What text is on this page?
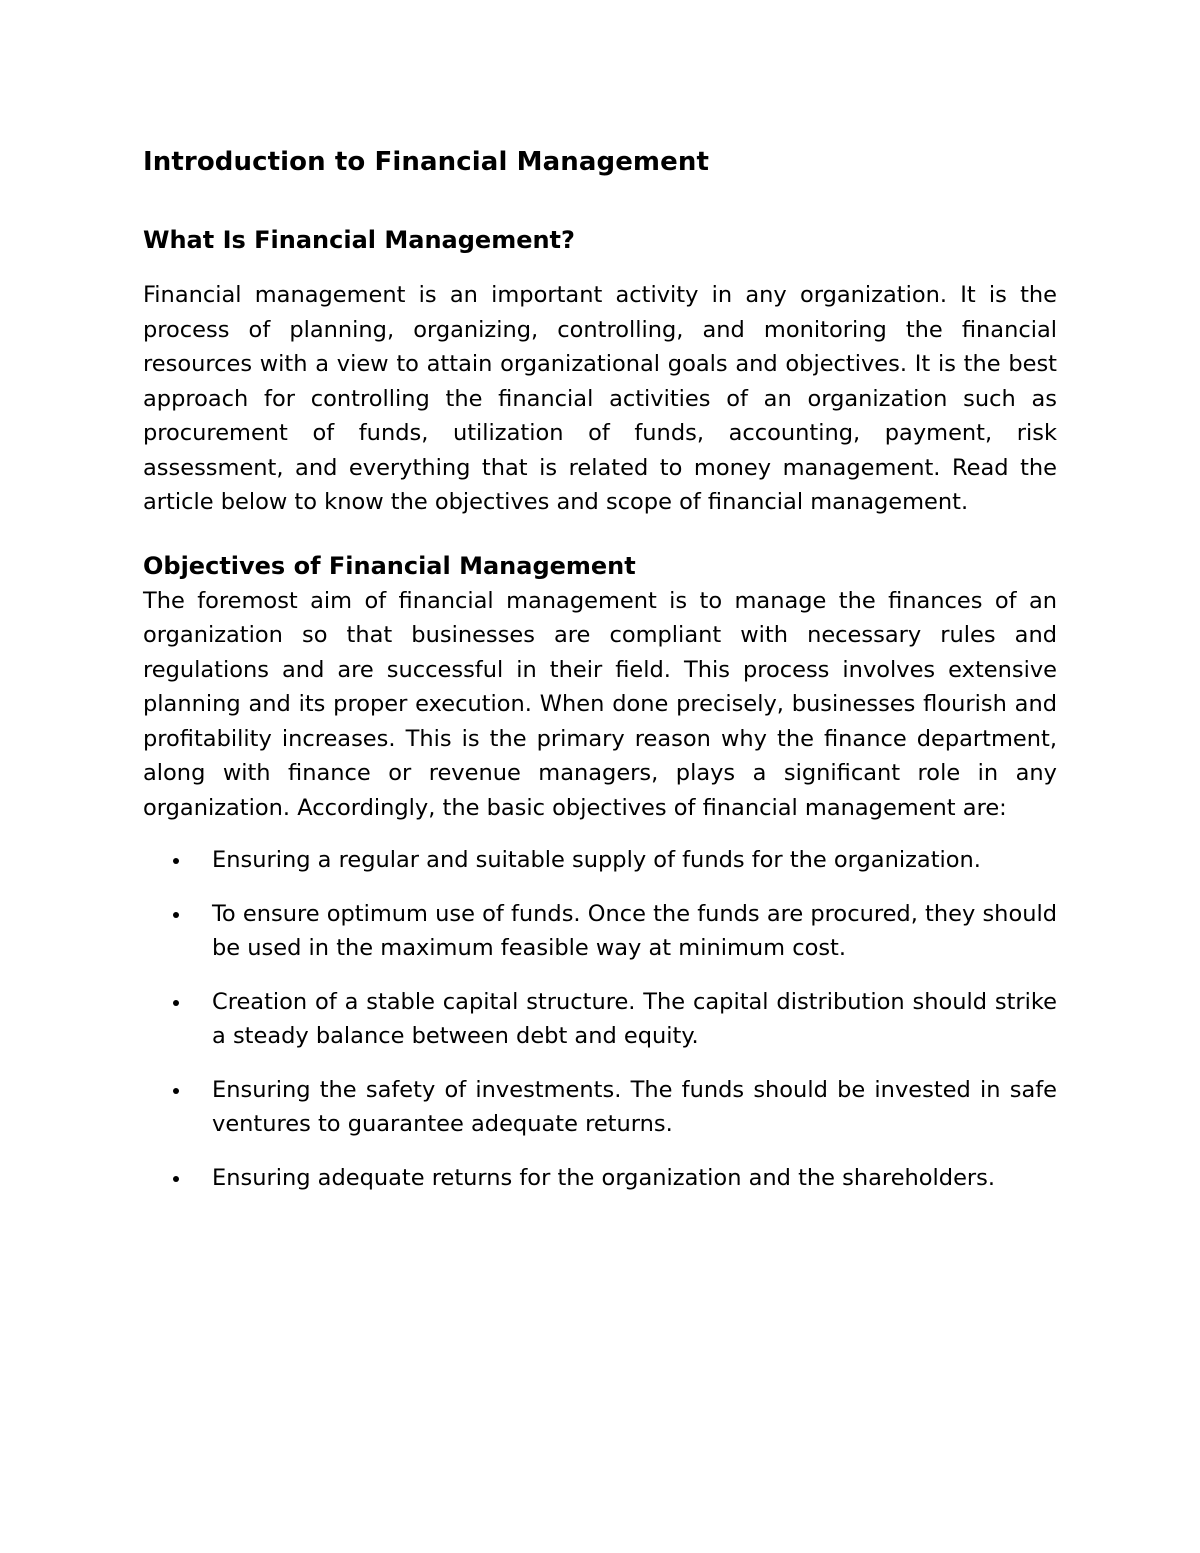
Introduction to Financial Management
What Is Financial Management?

Financial management is an important activity in any organization. It is the process of planning, organizing, controlling, and monitoring the financial resources with a view to attain organizational goals and objectives. It is the best approach for controlling the financial activities of an organization such as procurement of funds, utilization of funds, accounting, payment, risk assessment, and everything that is related to money management. Read the article below to know the objectives and scope of financial management.

Objectives of Financial Management

The foremost aim of financial management is to manage the finances of an organization so that businesses are compliant with necessary rules and regulations and are successful in their field. This process involves extensive planning and its proper execution. When done precisely, businesses flourish and profitability increases. This is the primary reason why the finance department, along with finance or revenue managers, plays a significant role in any organization. Accordingly, the basic objectives of financial management are:

Ensuring a regular and suitable supply of funds for the organization.
To ensure optimum use of funds. Once the funds are procured, they should be used in the maximum feasible way at minimum cost.
Creation of a stable capital structure. The capital distribution should strike a steady balance between debt and equity.
Ensuring the safety of investments. The funds should be invested in safe ventures to guarantee adequate returns.
Ensuring adequate returns for the organization and the shareholders.
